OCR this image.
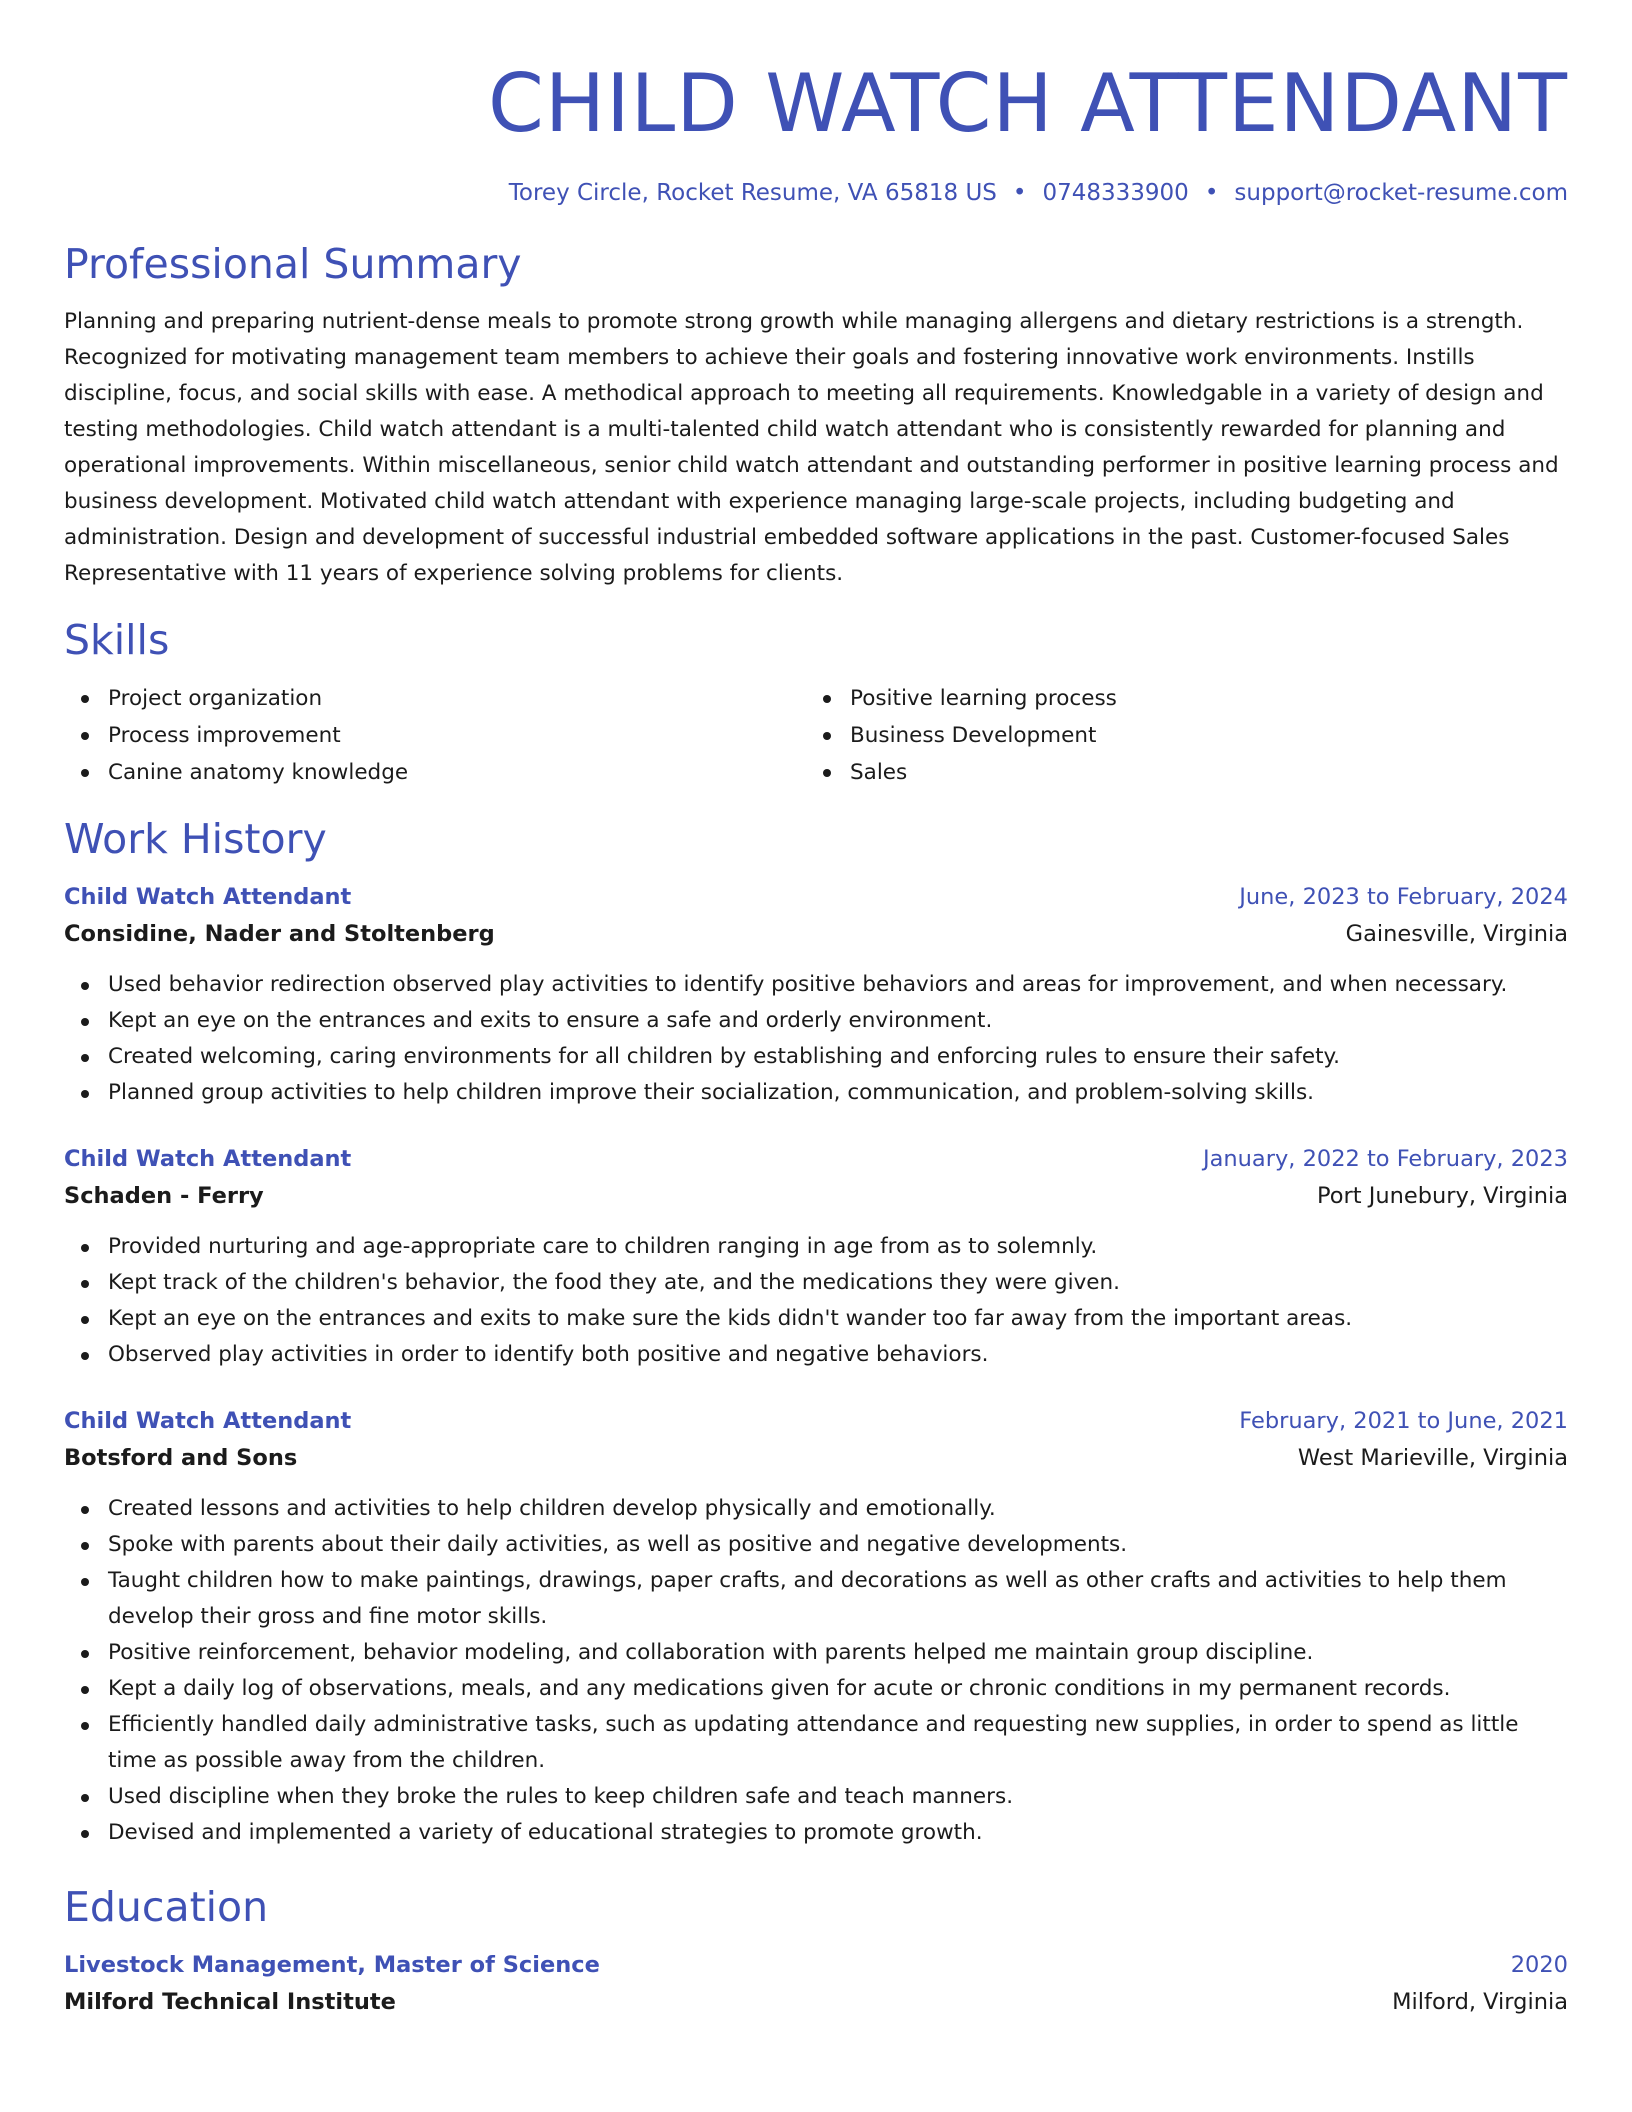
CHILD WATCH ATTENDANT
Torey Circle, Rocket Resume, VA 65818 US • 0748333900 • support@rocket-resume.com
Professional Summary

Planning and preparing nutrient-dense meals to promote strong growth while managing allergens and dietary restrictions is a strength. Recognized for motivating management team members to achieve their goals and fostering innovative work environments. Instills discipline, focus, and social skills with ease. A methodical approach to meeting all requirements. Knowledgable in a variety of design and testing methodologies. Child watch attendant is a multi-talented child watch attendant who is consistently rewarded for planning and operational improvements. Within miscellaneous, senior child watch attendant and outstanding performer in positive learning process and business development. Motivated child watch attendant with experience managing large-scale projects, including budgeting and administration. Design and development of successful industrial embedded software applications in the past. Customer-focused Sales Representative with 11 years of experience solving problems for clients.

Skills
Project organization
Process improvement
Canine anatomy knowledge
Positive learning process
Business Development
Sales
Work History
Child Watch Attendant	June, 2023 to February, 2024
Considine, Nader and Stoltenberg	Gainesville, Virginia
Used behavior redirection observed play activities to identify positive behaviors and areas for improvement, and when necessary.
Kept an eye on the entrances and exits to ensure a safe and orderly environment.
Created welcoming, caring environments for all children by establishing and enforcing rules to ensure their safety.
Planned group activities to help children improve their socialization, communication, and problem-solving skills.
Child Watch Attendant	January, 2022 to February, 2023
Schaden - Ferry	Port Junebury, Virginia
Provided nurturing and age-appropriate care to children ranging in age from as to solemnly.
Kept track of the children's behavior, the food they ate, and the medications they were given.
Kept an eye on the entrances and exits to make sure the kids didn't wander too far away from the important areas.
Observed play activities in order to identify both positive and negative behaviors.
Child Watch Attendant	February, 2021 to June, 2021
Botsford and Sons	West Marieville, Virginia
Created lessons and activities to help children develop physically and emotionally.
Spoke with parents about their daily activities, as well as positive and negative developments.
Taught children how to make paintings, drawings, paper crafts, and decorations as well as other crafts and activities to help them develop their gross and fine motor skills.
Positive reinforcement, behavior modeling, and collaboration with parents helped me maintain group discipline.
Kept a daily log of observations, meals, and any medications given for acute or chronic conditions in my permanent records.
Efficiently handled daily administrative tasks, such as updating attendance and requesting new supplies, in order to spend as little time as possible away from the children.
Used discipline when they broke the rules to keep children safe and teach manners.
Devised and implemented a variety of educational strategies to promote growth.
Education
Livestock Management, Master of Science	2020
Milford Technical Institute	Milford, Virginia
